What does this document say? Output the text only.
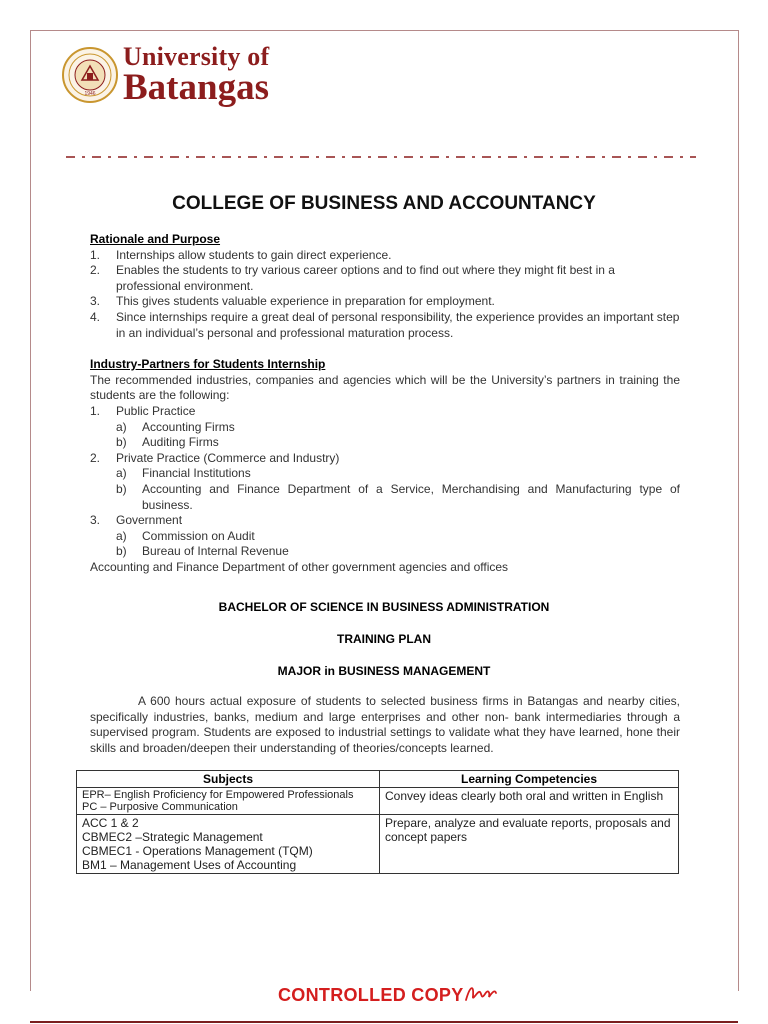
1946
University of
Batangas
COLLEGE OF BUSINESS AND ACCOUNTANCY
Rationale and Purpose
1.	Internships allow students to gain direct experience.
2.	Enables the students to try various career options and to find out where they might fit best in a professional environment.
3.	This gives students valuable experience in preparation for employment.
4.	Since internships require a great deal of personal responsibility, the experience provides an important step in an individual’s personal and professional maturation process.
Industry-Partners for Students Internship
The recommended industries, companies and agencies which will be the University’s partners in training the students are the following:
1.	Public Practice
a)	Accounting Firms
b)	Auditing Firms
2.	Private Practice (Commerce and Industry)
a)	Financial Institutions
b)	Accounting and Finance Department of a Service, Merchandising and Manufacturing type of business.
3.	Government
a)	Commission on Audit
b)	Bureau of Internal Revenue
Accounting and Finance Department of other government agencies and offices
BACHELOR OF SCIENCE IN BUSINESS ADMINISTRATION
TRAINING PLAN
MAJOR in BUSINESS MANAGEMENT
A 600 hours actual exposure of students to selected business firms in Batangas and nearby cities, specifically industries, banks, medium and large enterprises and other non- bank intermediaries through a supervised program. Students are exposed to industrial settings to validate what they have learned, hone their skills and broaden/deepen their understanding of theories/concepts learned.
Subjects	Learning Competencies

EPR– English Proficiency for Empowered Professionals
PC – Purposive Communication	Convey ideas clearly both oral and written in English

ACC 1 & 2
CBMEC2 –Strategic Management
CBMEC1 - Operations Management (TQM)
BM1 – Management Uses of Accounting	Prepare, analyze and evaluate reports, proposals and concept papers
CONTROLLED COPY
